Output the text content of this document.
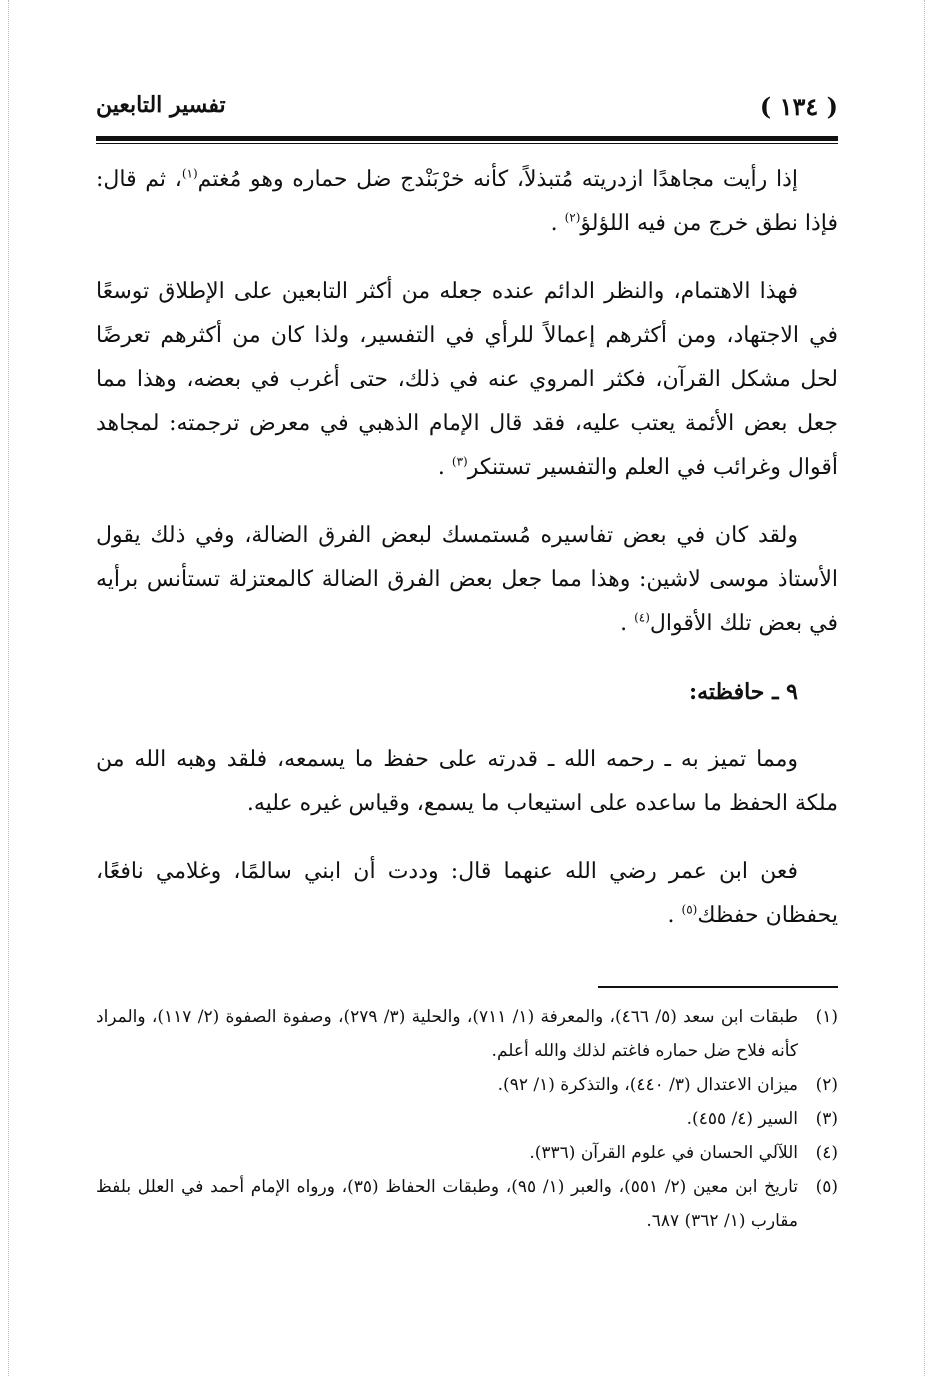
( ١٣٤ )
تفسير التابعين

إذا رأيت مجاهدًا ازدريته مُتبذلاً، كأنه خرْبَنْدج ضل حماره وهو مُغتم$^{(١)}$، ثم قال: فإذا نطق خرج من فيه اللؤلؤ$^{(٢)}$ .

فهذا الاهتمام، والنظر الدائم عنده جعله من أكثر التابعين على الإطلاق توسعًا في الاجتهاد، ومن أكثرهم إعمالاً للرأي في التفسير، ولذا كان من أكثرهم تعرضًا لحل مشكل القرآن، فكثر المروي عنه في ذلك، حتى أغرب في بعضه، وهذا مما جعل بعض الأئمة يعتب عليه، فقد قال الإمام الذهبي في معرض ترجمته: لمجاهد أقوال وغرائب في العلم والتفسير تستنكر$^{(٣)}$ .

ولقد كان في بعض تفاسيره مُستمسك لبعض الفرق الضالة، وفي ذلك يقول الأستاذ موسى لاشين: وهذا مما جعل بعض الفرق الضالة كالمعتزلة تستأنس برأيه في بعض تلك الأقوال$^{(٤)}$ .

٩ ـ حافظته:

ومما تميز به ـ رحمه الله ـ قدرته على حفظ ما يسمعه، فلقد وهبه الله من ملكة الحفظ ما ساعده على استيعاب ما يسمع، وقياس غيره عليه.

فعن ابن عمر رضي الله عنهما قال: وددت أن ابني سالمًا، وغلامي نافعًا، يحفظان حفظك$^{(٥)}$ .

(١)
طبقات ابن سعد (٥/ ٤٦٦)، والمعرفة (١/ ٧١١)، والحلية (٣/ ٢٧٩)، وصفوة الصفوة (٢/ ١١٧)، والمراد كأنه فلاح ضل حماره فاغتم لذلك والله أعلم.
(٢)
ميزان الاعتدال (٣/ ٤٤٠)، والتذكرة (١/ ٩٢).
(٣)
السير (٤/ ٤٥٥).
(٤)
اللآلي الحسان في علوم القرآن (٣٣٦).
(٥)
تاريخ ابن معين (٢/ ٥٥١)، والعبر (١/ ٩٥)، وطبقات الحفاظ (٣٥)، ورواه الإمام أحمد في العلل بلفظ مقارب (١/ ٣٦٢) ٦٨٧.
